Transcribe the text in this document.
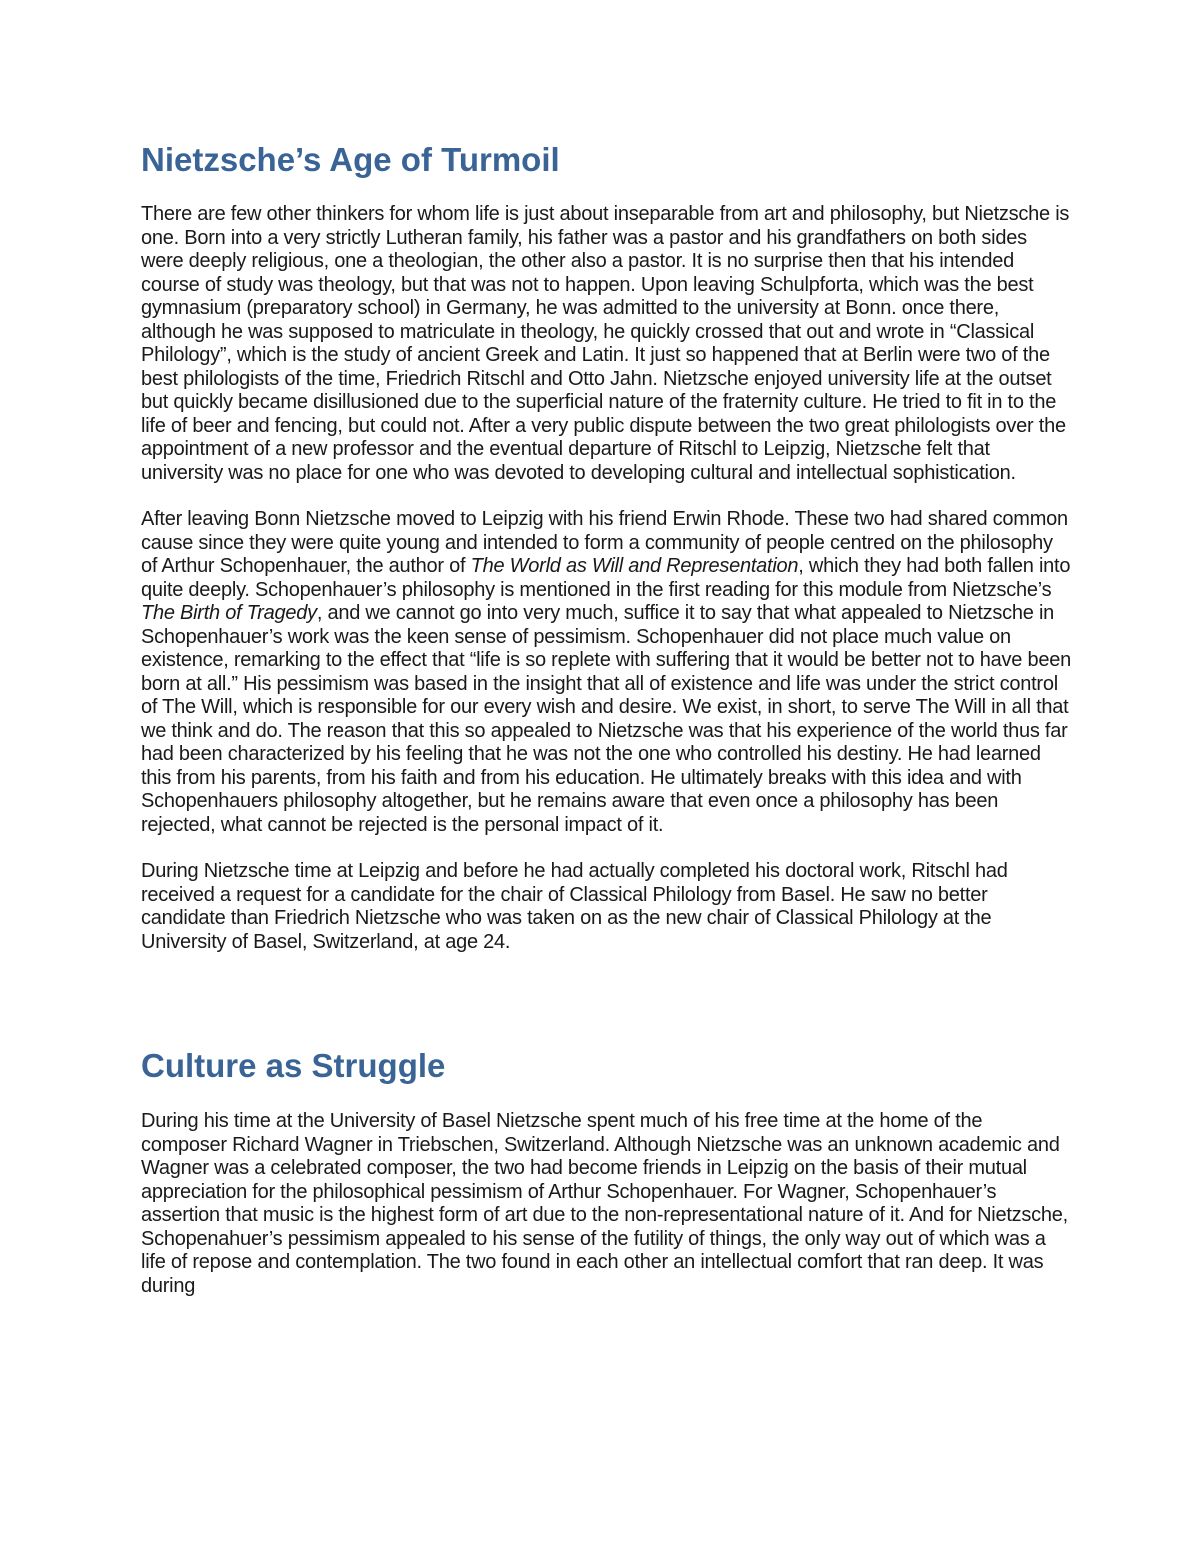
Nietzsche’s Age of Turmoil

There are few other thinkers for whom life is just about inseparable from art and philosophy, but Nietzsche is one. Born into a very strictly Lutheran family, his father was a pastor and his grandfathers on both sides were deeply religious, one a theologian, the other also a pastor. It is no surprise then that his intended course of study was theology, but that was not to happen. Upon leaving Schulpforta, which was the best gymnasium (preparatory school) in Germany, he was admitted to the university at Bonn. once there, although he was supposed to matriculate in theology, he quickly crossed that out and wrote in “Classical Philology”, which is the study of ancient Greek and Latin. It just so happened that at Berlin were two of the best philologists of the time, Friedrich Ritschl and Otto Jahn. Nietzsche enjoyed university life at the outset but quickly became disillusioned due to the superficial nature of the fraternity culture. He tried to fit in to the life of beer and fencing, but could not. After a very public dispute between the two great philologists over the appointment of a new professor and the eventual departure of Ritschl to Leipzig, Nietzsche felt that university was no place for one who was devoted to developing cultural and intellectual sophistication.

After leaving Bonn Nietzsche moved to Leipzig with his friend Erwin Rhode. These two had shared common cause since they were quite young and intended to form a community of people centred on the philosophy of Arthur Schopenhauer, the author of The World as Will and Representation, which they had both fallen into quite deeply. Schopenhauer’s philosophy is mentioned in the first reading for this module from Nietzsche’s The Birth of Tragedy, and we cannot go into very much, suffice it to say that what appealed to Nietzsche in Schopenhauer’s work was the keen sense of pessimism. Schopenhauer did not place much value on existence, remarking to the effect that “life is so replete with suffering that it would be better not to have been born at all.” His pessimism was based in the insight that all of existence and life was under the strict control of The Will, which is responsible for our every wish and desire. We exist, in short, to serve The Will in all that we think and do. The reason that this so appealed to Nietzsche was that his experience of the world thus far had been characterized by his feeling that he was not the one who controlled his destiny. He had learned this from his parents, from his faith and from his education. He ultimately breaks with this idea and with Schopenhauers philosophy altogether, but he remains aware that even once a philosophy has been rejected, what cannot be rejected is the personal impact of it.

During Nietzsche time at Leipzig and before he had actually completed his doctoral work, Ritschl had received a request for a candidate for the chair of Classical Philology from Basel. He saw no better candidate than Friedrich Nietzsche who was taken on as the new chair of Classical Philology at the University of Basel, Switzerland, at age 24.

Culture as Struggle

During his time at the University of Basel Nietzsche spent much of his free time at the home of the composer Richard Wagner in Triebschen, Switzerland. Although Nietzsche was an unknown academic and Wagner was a celebrated composer, the two had become friends in Leipzig on the basis of their mutual appreciation for the philosophical pessimism of Arthur Schopenhauer. For Wagner, Schopenhauer’s assertion that music is the highest form of art due to the non-representational nature of it. And for Nietzsche, Schopenahuer’s pessimism appealed to his sense of the futility of things, the only way out of which was a life of repose and contemplation. The two found in each other an intellectual comfort that ran deep. It was during
